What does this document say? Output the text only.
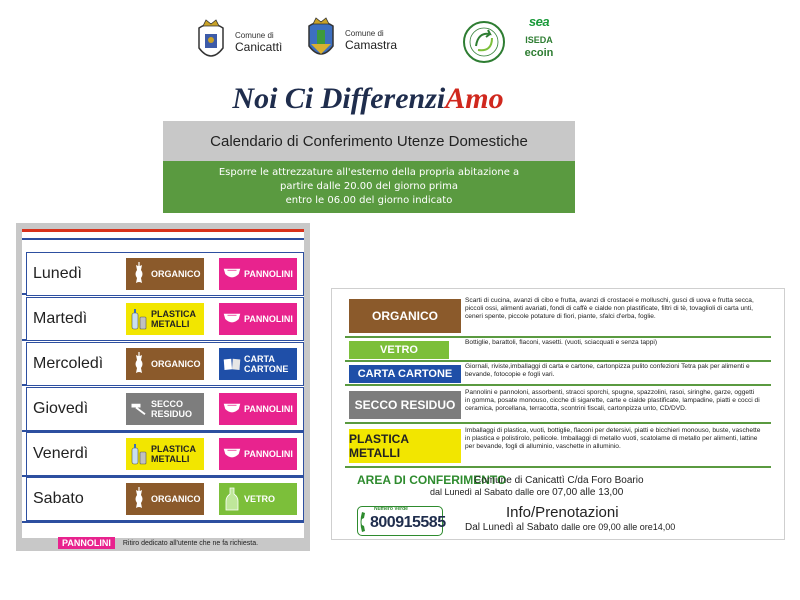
Comune di
Canicattì
Comune di
Camastra
sea
ISEDA
ecoin
Noi Ci DifferenziAmo
Calendario di Conferimento Utenze Domestiche
Esporre le attrezzature all'esterno della propria abitazione a
partire dalle 20.00 del giorno prima
entro le 06.00 del giorno indicato
Lunedì	ORGANICO	PANNOLINI
Martedì	PLASTICA METALLI	PANNOLINI
Mercoledì	ORGANICO	CARTA CARTONE
Giovedì	SECCO RESIDUO	PANNOLINI
Venerdì	PLASTICA METALLI	PANNOLINI
Sabato	ORGANICO	VETRO
PANNOLINI	Ritiro dedicato all'utente che ne fa richiesta.
ORGANICO
Scarti di cucina, avanzi di cibo e frutta, avanzi di crostacei e molluschi, gusci di uova e frutta secca, piccoli ossi, alimenti avariati, fondi di caffè e cialde non plastificate, filtri di tè, tovaglioli di carta unti, ceneri spente, piccole potature di fiori, piante, sfalci d'erba, foglie.
VETRO
Bottiglie, barattoli, flaconi, vasetti. (vuoti, sciacquati e senza tappi)
CARTA CARTONE
Giornali, riviste,imballaggi di carta e cartone, cartonpizza pulito confezioni Tetra pak per alimenti e bevande, fotocopie e fogli vari.
SECCO RESIDUO
Pannolini e pannoloni, assorbenti, stracci sporchi, spugne, spazzolini, rasoi, siringhe, garze, oggetti in gomma, posate monouso, cicche di sigarette, carte e cialde plastificate, lampadine, piatti e cocci di ceramica, porcellana, terracotta, scontrini fiscali, cartonpizza unto, CD/DVD.
PLASTICA METALLI
Imballaggi di plastica, vuoti, bottiglie, flaconi per detersivi, piatti e bicchieri monouso, buste, vaschette in plastica e polistirolo, pellicole. Imballaggi di metallo vuoti, scatolame di metallo per alimenti, lattine per bevande, fogli di alluminio, vaschette in alluminio.
AREA DI CONFERIMENTO
Comune di Canicattì C/da Foro Boario
dal Lunedì al Sabato dalle ore 07,00 alle 13,00
Numero Verde
800915585
Info/Prenotazioni
Dal Lunedì al Sabato dalle ore 09,00 alle ore14,00
